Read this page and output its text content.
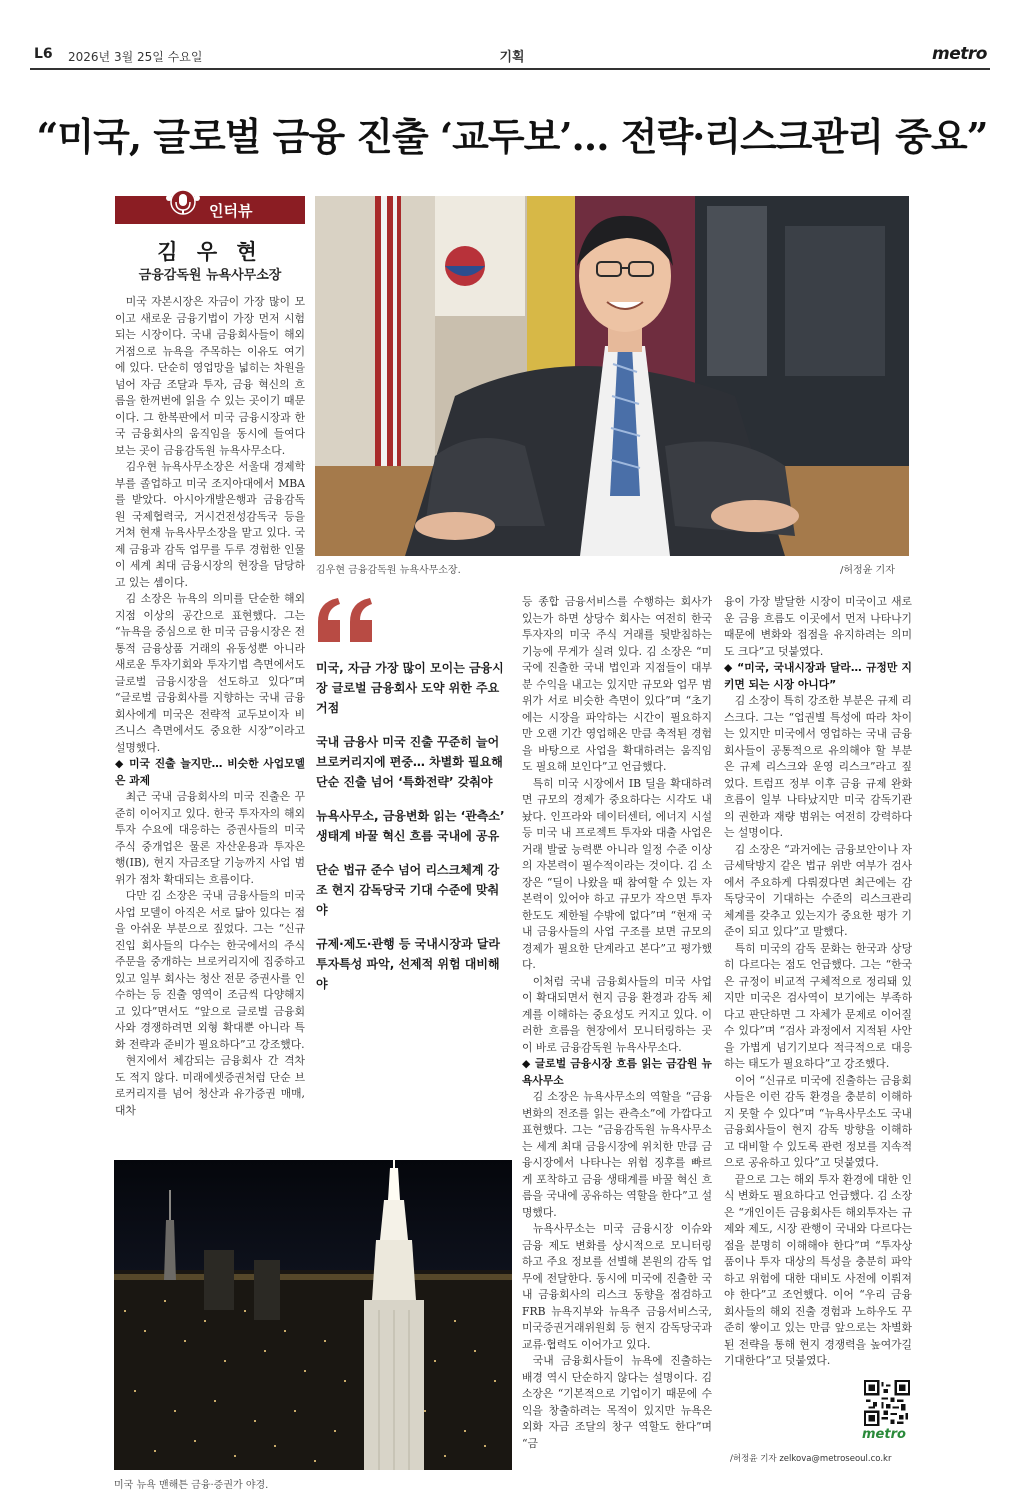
L6 2026년 3월 25일 수요일	기획	metro
“미국, 글로벌 금융 진출 ‘교두보’… 전략·리스크관리 중요”
인터뷰
김 우 현
금융감독원 뉴욕사무소장

미국 자본시장은 자금이 가장 많이 모이고 새로운 금융기법이 가장 먼저 시험되는 시장이다. 국내 금융회사들이 해외 거점으로 뉴욕을 주목하는 이유도 여기에 있다. 단순히 영업망을 넓히는 차원을 넘어 자금 조달과 투자, 금융 혁신의 흐름을 한꺼번에 읽을 수 있는 곳이기 때문이다. 그 한복판에서 미국 금융시장과 한국 금융회사의 움직임을 동시에 들여다보는 곳이 금융감독원 뉴욕사무소다.

김우현 뉴욕사무소장은 서울대 경제학부를 졸업하고 미국 조지아대에서 MBA를 받았다. 아시아개발은행과 금융감독원 국제협력국, 거시건전성감독국 등을 거쳐 현재 뉴욕사무소장을 맡고 있다. 국제 금융과 감독 업무를 두루 경험한 인물이 세계 최대 금융시장의 현장을 담당하고 있는 셈이다.

김 소장은 뉴욕의 의미를 단순한 해외 지점 이상의 공간으로 표현했다. 그는 “뉴욕을 중심으로 한 미국 금융시장은 전통적 금융상품 거래의 유동성뿐 아니라 새로운 투자기회와 투자기법 측면에서도 글로벌 금융시장을 선도하고 있다”며 “글로벌 금융회사를 지향하는 국내 금융회사에게 미국은 전략적 교두보이자 비즈니스 측면에서도 중요한 시장”이라고 설명했다.

◆ 미국 진출 늘지만… 비슷한 사업모델은 과제

최근 국내 금융회사의 미국 진출은 꾸준히 이어지고 있다. 한국 투자자의 해외 투자 수요에 대응하는 증권사들의 미국 주식 중개업은 물론 자산운용과 투자은행(IB), 현지 자금조달 기능까지 사업 범위가 점차 확대되는 흐름이다.

다만 김 소장은 국내 금융사들의 미국 사업 모델이 아직은 서로 닮아 있다는 점을 아쉬운 부분으로 짚었다. 그는 “신규 진입 회사들의 다수는 한국에서의 주식 주문을 중개하는 브로커리지에 집중하고 있고 일부 회사는 청산 전문 증권사를 인수하는 등 진출 영역이 조금씩 다양해지고 있다”면서도 “앞으로 글로벌 금융회사와 경쟁하려면 외형 확대뿐 아니라 특화 전략과 준비가 필요하다”고 강조했다.

현지에서 체감되는 금융회사 간 격차도 적지 않다. 미래에셋증권처럼 단순 브로커리지를 넘어 청산과 유가증권 매매, 대차

김우현 금융감독원 뉴욕사무소장.	/허정윤 기자

미국, 자금 가장 많이 모이는 금융시장 글로벌 금융회사 도약 위한 주요거점

국내 금융사 미국 진출 꾸준히 늘어 브로커리지에 편중… 차별화 필요해 단순 진출 넘어 ‘특화전략’ 갖춰야

뉴욕사무소, 금융변화 읽는 ‘관측소’ 생태계 바꿀 혁신 흐름 국내에 공유

단순 법규 준수 넘어 리스크체계 강조 현지 감독당국 기대 수준에 맞춰야

규제·제도·관행 등 국내시장과 달라 투자특성 파악, 선제적 위험 대비해야

등 종합 금융서비스를 수행하는 회사가 있는가 하면 상당수 회사는 여전히 한국 투자자의 미국 주식 거래를 뒷받침하는 기능에 무게가 실려 있다. 김 소장은 “미국에 진출한 국내 법인과 지점들이 대부분 수익을 내고는 있지만 규모와 업무 범위가 서로 비슷한 측면이 있다”며 “초기에는 시장을 파악하는 시간이 필요하지만 오랜 기간 영업해온 만큼 축적된 경험을 바탕으로 사업을 확대하려는 움직임도 필요해 보인다”고 언급했다.

특히 미국 시장에서 IB 딜을 확대하려면 규모의 경제가 중요하다는 시각도 내놨다. 인프라와 데이터센터, 에너지 시설 등 미국 내 프로젝트 투자와 대출 사업은 거래 발굴 능력뿐 아니라 일정 수준 이상의 자본력이 필수적이라는 것이다. 김 소장은 “딜이 나왔을 때 참여할 수 있는 자본력이 있어야 하고 규모가 작으면 투자 한도도 제한될 수밖에 없다”며 “현재 국내 금융사들의 사업 구조를 보면 규모의 경제가 필요한 단계라고 본다”고 평가했다.

이처럼 국내 금융회사들의 미국 사업이 확대되면서 현지 금융 환경과 감독 체계를 이해하는 중요성도 커지고 있다. 이러한 흐름을 현장에서 모니터링하는 곳이 바로 금융감독원 뉴욕사무소다.

◆ 글로벌 금융시장 흐름 읽는 금감원 뉴욕사무소

김 소장은 뉴욕사무소의 역할을 “금융 변화의 전조를 읽는 관측소”에 가깝다고 표현했다. 그는 “금융감독원 뉴욕사무소는 세계 최대 금융시장에 위치한 만큼 금융시장에서 나타나는 위험 징후를 빠르게 포착하고 금융 생태계를 바꿀 혁신 흐름을 국내에 공유하는 역할을 한다”고 설명했다.

뉴욕사무소는 미국 금융시장 이슈와 금융 제도 변화를 상시적으로 모니터링하고 주요 정보를 선별해 본원의 감독 업무에 전달한다. 동시에 미국에 진출한 국내 금융회사의 리스크 동향을 점검하고 FRB 뉴욕지부와 뉴욕주 금융서비스국, 미국증권거래위원회 등 현지 감독당국과 교류·협력도 이어가고 있다.

국내 금융회사들이 뉴욕에 진출하는 배경 역시 단순하지 않다는 설명이다. 김 소장은 “기본적으로 기업이기 때문에 수익을 창출하려는 목적이 있지만 뉴욕은 외화 자금 조달의 창구 역할도 한다”며 “금

융이 가장 발달한 시장이 미국이고 새로운 금융 흐름도 이곳에서 먼저 나타나기 때문에 변화와 접점을 유지하려는 의미도 크다”고 덧붙였다.

◆ “미국, 국내시장과 달라… 규정만 지키면 되는 시장 아니다”

김 소장이 특히 강조한 부분은 규제 리스크다. 그는 “업권별 특성에 따라 차이는 있지만 미국에서 영업하는 국내 금융회사들이 공통적으로 유의해야 할 부분은 규제 리스크와 운영 리스크”라고 짚었다. 트럼프 정부 이후 금융 규제 완화 흐름이 일부 나타났지만 미국 감독기관의 권한과 재량 범위는 여전히 강력하다는 설명이다.

김 소장은 “과거에는 금융보안이나 자금세탁방지 같은 법규 위반 여부가 검사에서 주요하게 다뤄졌다면 최근에는 감독당국이 기대하는 수준의 리스크관리 체계를 갖추고 있는지가 중요한 평가 기준이 되고 있다”고 말했다.

특히 미국의 감독 문화는 한국과 상당히 다르다는 점도 언급했다. 그는 “한국은 규정이 비교적 구체적으로 정리돼 있지만 미국은 검사역이 보기에는 부족하다고 판단하면 그 자체가 문제로 이어질 수 있다”며 “검사 과정에서 지적된 사안을 가볍게 넘기기보다 적극적으로 대응하는 태도가 필요하다”고 강조했다.

이어 “신규로 미국에 진출하는 금융회사들은 이런 감독 환경을 충분히 이해하지 못할 수 있다”며 “뉴욕사무소도 국내 금융회사들이 현지 감독 방향을 이해하고 대비할 수 있도록 관련 정보를 지속적으로 공유하고 있다”고 덧붙였다.

끝으로 그는 해외 투자 환경에 대한 인식 변화도 필요하다고 언급했다. 김 소장은 “개인이든 금융회사든 해외투자는 규제와 제도, 시장 관행이 국내와 다르다는 점을 분명히 이해해야 한다”며 “투자상품이나 투자 대상의 특성을 충분히 파악하고 위험에 대한 대비도 사전에 이뤄져야 한다”고 조언했다. 이어 “우리 금융회사들의 해외 진출 경험과 노하우도 꾸준히 쌓이고 있는 만큼 앞으로는 차별화된 전략을 통해 현지 경쟁력을 높여가길 기대한다”고 덧붙였다.

미국 뉴욕 맨해튼 금융·증권가 야경.
metro
/허정윤 기자 zelkova@metroseoul.co.kr
